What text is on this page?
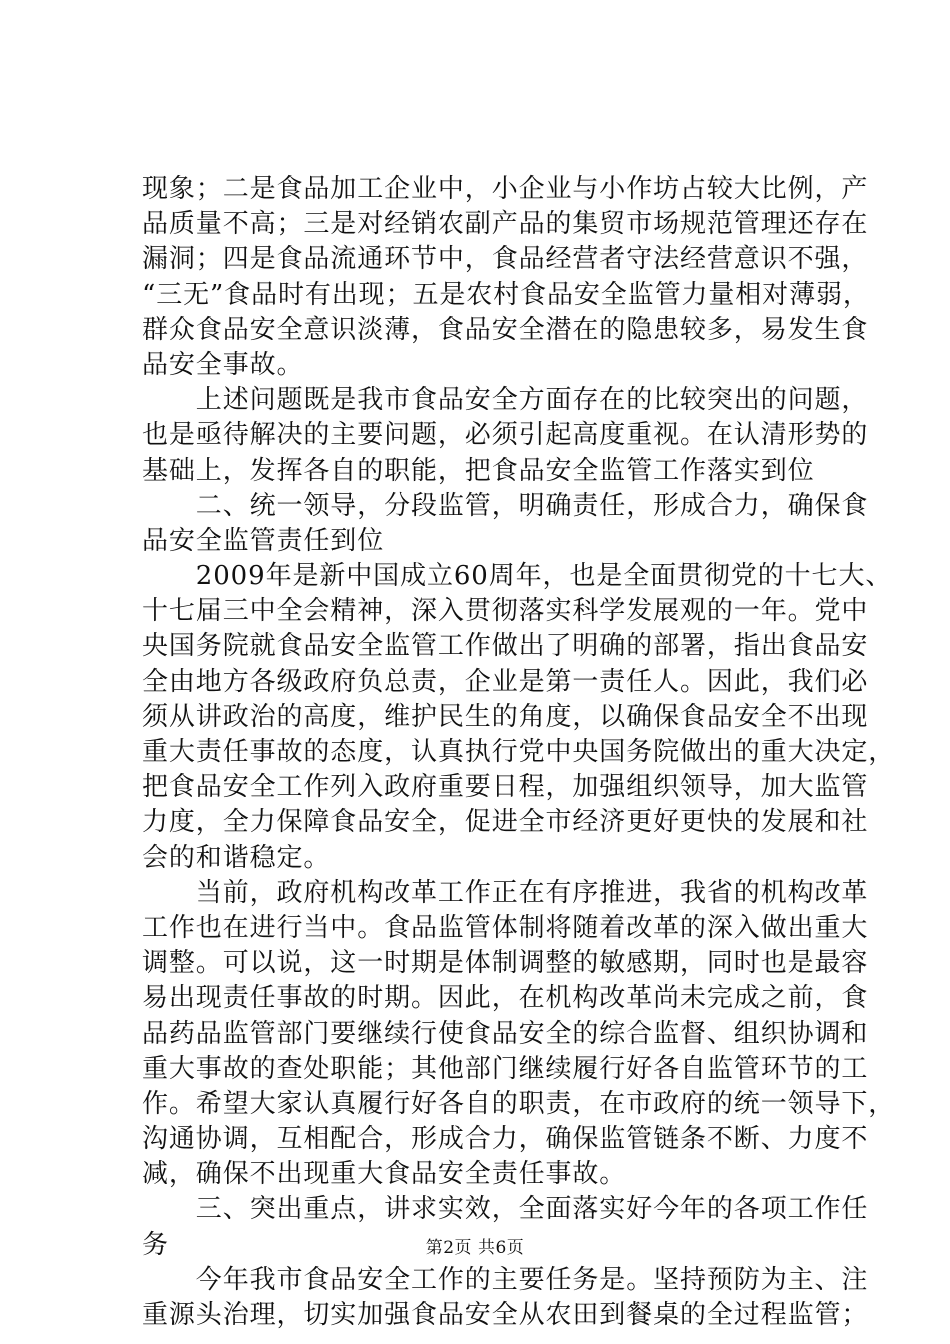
现象；二是食品加工企业中，小企业与小作坊占较大比例，产
品质量不高；三是对经销农副产品的集贸市场规范管理还存在
漏洞；四是食品流通环节中，食品经营者守法经营意识不强，
“三无”食品时有出现；五是农村食品安全监管力量相对薄弱，
群众食品安全意识淡薄，食品安全潜在的隐患较多，易发生食
品安全事故。
　　上述问题既是我市食品安全方面存在的比较突出的问题，
也是亟待解决的主要问题，必须引起高度重视。在认清形势的
基础上，发挥各自的职能，把食品安全监管工作落实到位
　　二、统一领导，分段监管，明确责任，形成合力，确保食
品安全监管责任到位
　　2009年是新中国成立60周年，也是全面贯彻党的十七大、
十七届三中全会精神，深入贯彻落实科学发展观的一年。党中
央国务院就食品安全监管工作做出了明确的部署，指出食品安
全由地方各级政府负总责，企业是第一责任人。因此，我们必
须从讲政治的高度，维护民生的角度，以确保食品安全不出现
重大责任事故的态度，认真执行党中央国务院做出的重大决定，
把食品安全工作列入政府重要日程，加强组织领导，加大监管
力度，全力保障食品安全，促进全市经济更好更快的发展和社
会的和谐稳定。
　　当前，政府机构改革工作正在有序推进，我省的机构改革
工作也在进行当中。食品监管体制将随着改革的深入做出重大
调整。可以说，这一时期是体制调整的敏感期，同时也是最容
易出现责任事故的时期。因此，在机构改革尚未完成之前，食
品药品监管部门要继续行使食品安全的综合监督、组织协调和
重大事故的查处职能；其他部门继续履行好各自监管环节的工
作。希望大家认真履行好各自的职责，在市政府的统一领导下，
沟通协调，互相配合，形成合力，确保监管链条不断、力度不
减，确保不出现重大食品安全责任事故。
　　三、突出重点，讲求实效，全面落实好今年的各项工作任
务
　　今年我市食品安全工作的主要任务是。坚持预防为主、注
重源头治理，切实加强食品安全从农田到餐桌的全过程监管；
第2页 共6页
